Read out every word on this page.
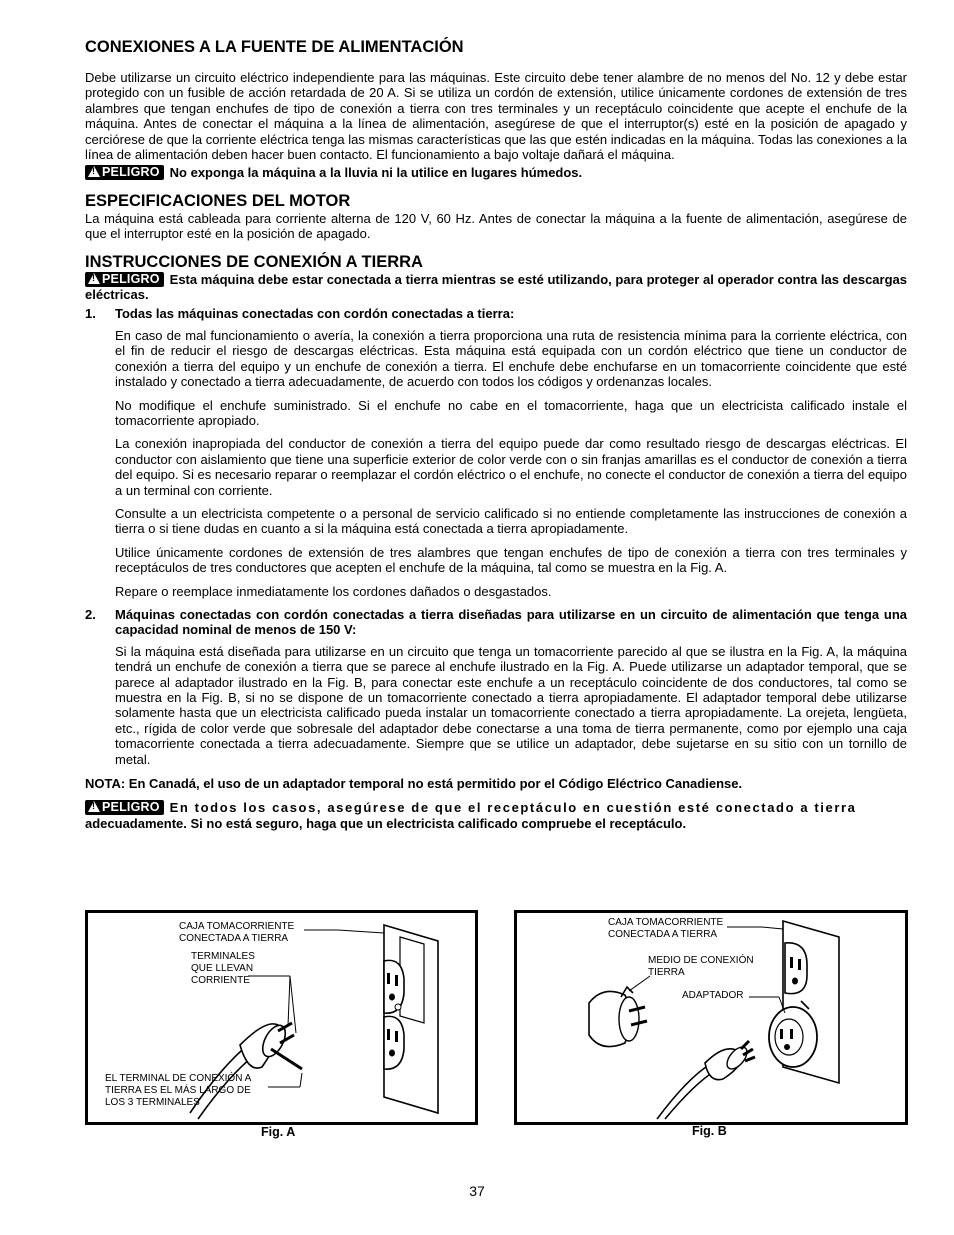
CONEXIONES A LA FUENTE DE ALIMENTACIÓN

Debe utilizarse un circuito eléctrico independiente para las máquinas. Este circuito debe tener alambre de no menos del No. 12 y debe estar protegido con un fusible de acción retardada de 20 A. Si se utiliza un cordón de extensión, utilice únicamente cordones de extensión de tres alambres que tengan enchufes de tipo de conexión a tierra con tres terminales y un receptáculo coincidente que acepte el enchufe de la máquina. Antes de conectar el máquina a la línea de alimentación, asegúrese de que el interruptor(s) esté en la posición de apagado y cerciórese de que la corriente eléctrica tenga las mismas características que las que estén indicadas en la máquina. Todas las conexiones a la línea de alimentación deben hacer buen contacto. El funcionamiento a bajo voltaje dañará el máquina.

!PELIGRO No exponga la máquina a la lluvia ni la utilice en lugares húmedos.

ESPECIFICACIONES DEL MOTOR

La máquina está cableada para corriente alterna de 120 V, 60 Hz. Antes de conectar la máquina a la fuente de alimentación, asegúrese de que el interruptor esté en la posición de apagado.

INSTRUCCIONES DE CONEXIÓN A TIERRA

!PELIGRO Esta máquina debe estar conectada a tierra mientras se esté utilizando, para proteger al operador contra las descargas eléctricas.

1.	Todas las máquinas conectadas con cordón conectadas a tierra:

En caso de mal funcionamiento o avería, la conexión a tierra proporciona una ruta de resistencia mínima para la corriente eléctrica, con el fin de reducir el riesgo de descargas eléctricas. Esta máquina está equipada con un cordón eléctrico que tiene un conductor de conexión a tierra del equipo y un enchufe de conexión a tierra. El enchufe debe enchufarse en un tomacorriente coincidente que esté instalado y conectado a tierra adecuadamente, de acuerdo con todos los códigos y ordenanzas locales.

No modifique el enchufe suministrado. Si el enchufe no cabe en el tomacorriente, haga que un electricista calificado instale el tomacorriente apropiado.

La conexión inapropiada del conductor de conexión a tierra del equipo puede dar como resultado riesgo de descargas eléctricas. El conductor con aislamiento que tiene una superficie exterior de color verde con o sin franjas amarillas es el conductor de conexión a tierra del equipo. Si es necesario reparar o reemplazar el cordón eléctrico o el enchufe, no conecte el conductor de conexión a tierra del equipo a un terminal con corriente.

Consulte a un electricista competente o a personal de servicio calificado si no entiende completamente las instrucciones de conexión a tierra o si tiene dudas en cuanto a si la máquina está conectada a tierra apropiadamente.

Utilice únicamente cordones de extensión de tres alambres que tengan enchufes de tipo de conexión a tierra con tres terminales y receptáculos de tres conductores que acepten el enchufe de la máquina, tal como se muestra en la Fig. A.

Repare o reemplace inmediatamente los cordones dañados o desgastados.

2.	Máquinas conectadas con cordón conectadas a tierra diseñadas para utilizarse en un circuito de alimentación que tenga una capacidad nominal de menos de 150 V:

Si la máquina está diseñada para utilizarse en un circuito que tenga un tomacorriente parecido al que se ilustra en la Fig. A, la máquina tendrá un enchufe de conexión a tierra que se parece al enchufe ilustrado en la Fig. A. Puede utilizarse un adaptador temporal, que se parece al adaptador ilustrado en la Fig. B, para conectar este enchufe a un receptáculo coincidente de dos conductores, tal como se muestra en la Fig. B, si no se dispone de un tomacorriente conectado a tierra apropiadamente. El adaptador temporal debe utilizarse solamente hasta que un electricista calificado pueda instalar un tomacorriente conectado a tierra apropiadamente. La orejeta, lengüeta, etc., rígida de color verde que sobresale del adaptador debe conectarse a una toma de tierra permanente, como por ejemplo una caja tomacorriente conectada a tierra adecuadamente. Siempre que se utilice un adaptador, debe sujetarse en su sitio con un tornillo de metal.

NOTA: En Canadá, el uso de un adaptador temporal no está permitido por el Código Eléctrico Canadiense.

!PELIGRO En todos los casos, asegúrese de que el receptáculo en cuestión esté conectado a tierra
adecuadamente. Si no está seguro, haga que un electricista calificado compruebe el receptáculo.

CAJA TOMACORRIENTE
CONECTADA A TIERRA
TERMINALES
QUE LLEVAN
CORRIENTE
EL TERMINAL DE CONEXIÓN A
TIERRA ES EL MÁS LARGO DE
LOS 3 TERMINALES
Fig. A
CAJA TOMACORRIENTE
CONECTADA A TIERRA
MEDIO DE CONEXIÓN
TIERRA
ADAPTADOR
Fig. B
37
